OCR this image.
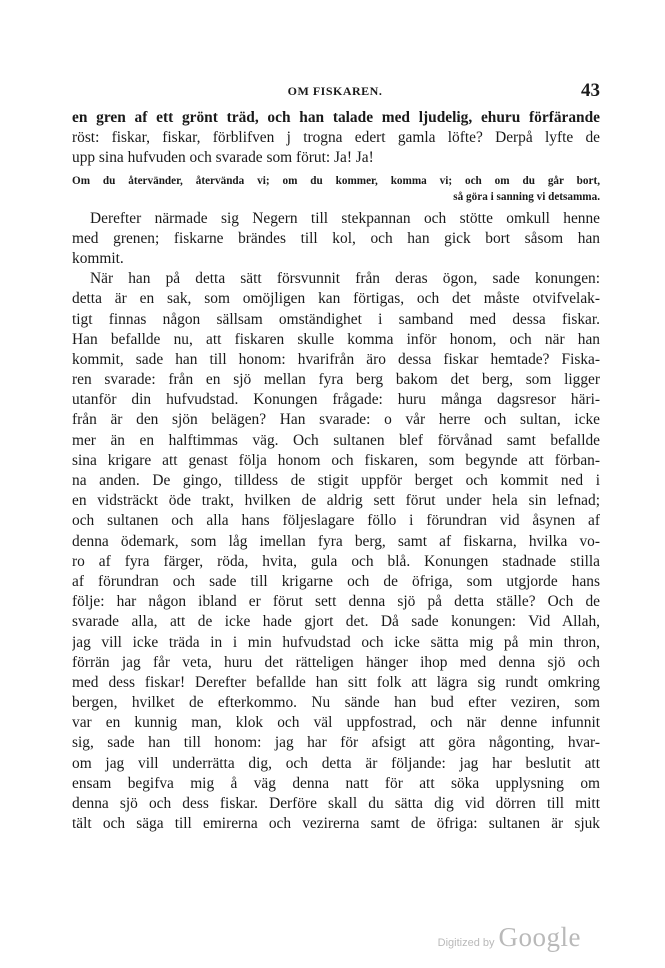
OM FISKAREN.	43
en gren af ett grönt träd, och han talade med ljudelig, ehuru förfärande
röst: fiskar, fiskar, förblifven j trogna edert gamla löfte? Derpå lyfte de
upp sina hufvuden och svarade som förut: Ja! Ja!
Om du återvänder, återvända vi; om du kommer, komma vi; och om du går bort,
så göra i sanning vi detsamma.
Derefter närmade sig Negern till stekpannan och stötte omkull henne
med grenen; fiskarne brändes till kol, och han gick bort såsom han
kommit.
När han på detta sätt försvunnit från deras ögon, sade konungen:
detta är en sak, som omöjligen kan förtigas, och det måste otvifvelak-
tigt finnas någon sällsam omständighet i samband med dessa fiskar.
Han befallde nu, att fiskaren skulle komma inför honom, och när han
kommit, sade han till honom: hvarifrån äro dessa fiskar hemtade? Fiska-
ren svarade: från en sjö mellan fyra berg bakom det berg, som ligger
utanför din hufvudstad. Konungen frågade: huru många dagsresor häri-
från är den sjön belägen? Han svarade: o vår herre och sultan, icke
mer än en halftimmas väg. Och sultanen blef förvånad samt befallde
sina krigare att genast följa honom och fiskaren, som begynde att förban-
na anden. De gingo, tilldess de stigit uppför berget och kommit ned i
en vidsträckt öde trakt, hvilken de aldrig sett förut under hela sin lefnad;
och sultanen och alla hans följeslagare föllo i förundran vid åsynen af
denna ödemark, som låg imellan fyra berg, samt af fiskarna, hvilka vo-
ro af fyra färger, röda, hvita, gula och blå. Konungen stadnade stilla
af förundran och sade till krigarne och de öfriga, som utgjorde hans
följe: har någon ibland er förut sett denna sjö på detta ställe? Och de
svarade alla, att de icke hade gjort det. Då sade konungen: Vid Allah,
jag vill icke träda in i min hufvudstad och icke sätta mig på min thron,
förrän jag får veta, huru det rätteligen hänger ihop med denna sjö och
med dess fiskar! Derefter befallde han sitt folk att lägra sig rundt omkring
bergen, hvilket de efterkommo. Nu sände han bud efter veziren, som
var en kunnig man, klok och väl uppfostrad, och när denne infunnit
sig, sade han till honom: jag har för afsigt att göra någonting, hvar-
om jag vill underrätta dig, och detta är följande: jag har beslutit att
ensam begifva mig å väg denna natt för att söka upplysning om
denna sjö och dess fiskar. Derföre skall du sätta dig vid dörren till mitt
tält och säga till emirerna och vezirerna samt de öfriga: sultanen är sjuk
Digitized by Google
